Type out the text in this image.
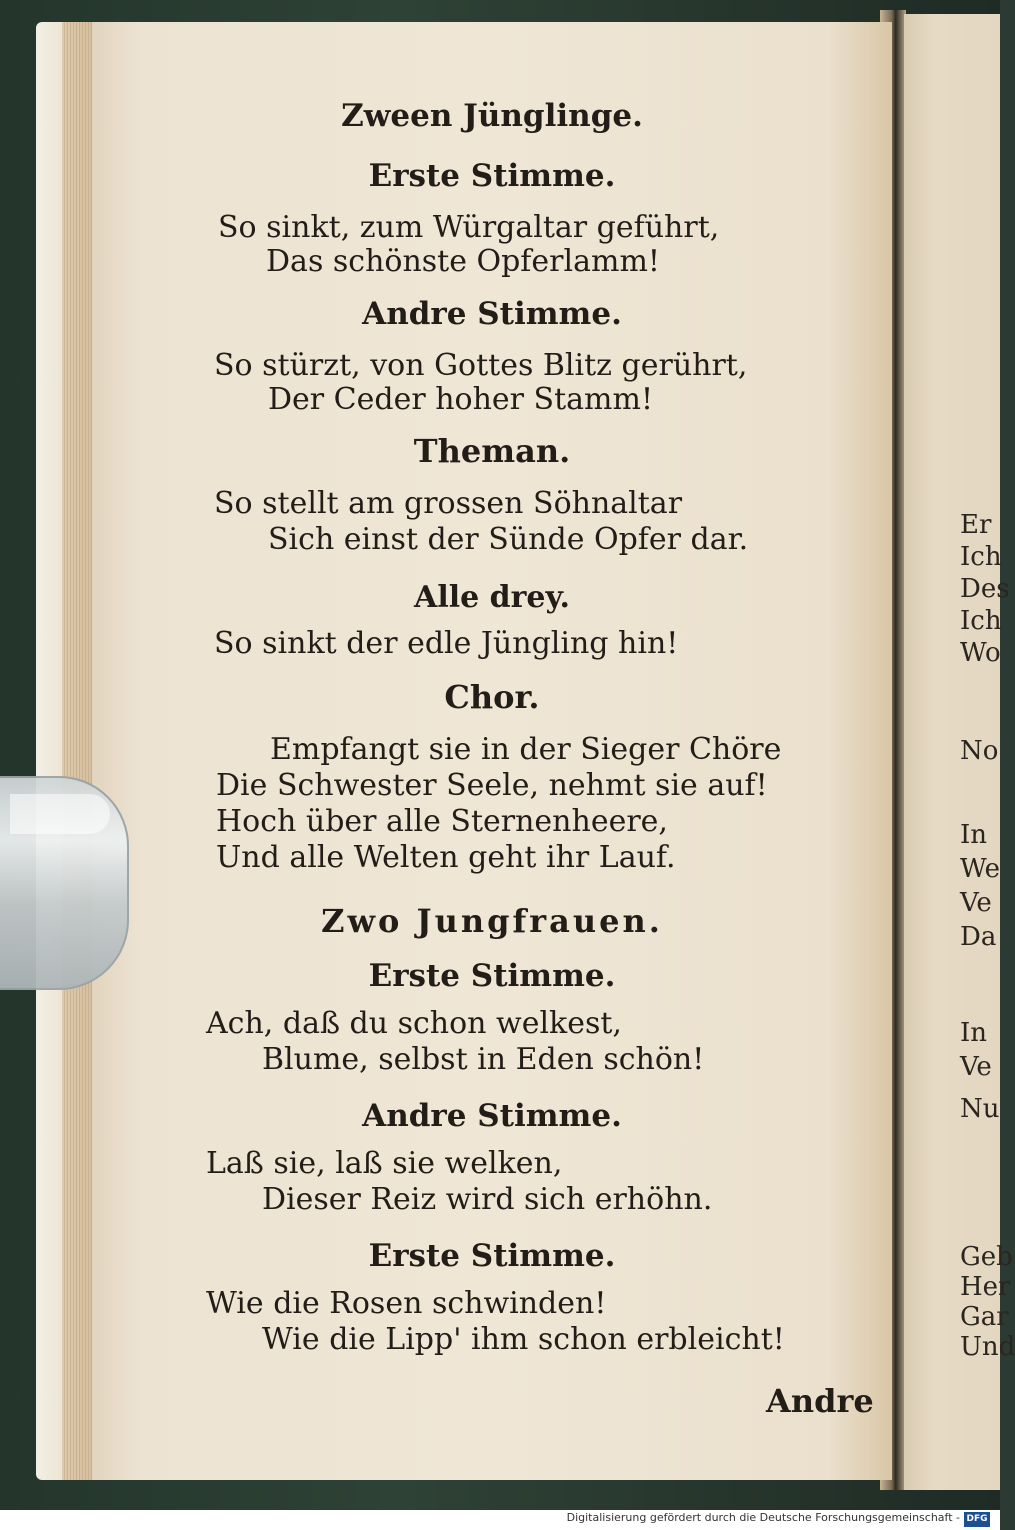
Er
Ich
Des
Ich
Wo
No
In
We
Ve
Da
In
Ve
Nu
Geb
Her
Gar
Und
Zween Jünglinge.
Erste Stimme.
So sinkt, zum Würgaltar geführt,
Das schönste Opferlamm!
Andre Stimme.
So stürzt, von Gottes Blitz gerührt,
Der Ceder hoher Stamm!
Theman.
So stellt am grossen Söhnaltar
Sich einst der Sünde Opfer dar.
Alle drey.
So sinkt der edle Jüngling hin!
Chor.
Empfangt sie in der Sieger Chöre
Die Schwester Seele, nehmt sie auf!
Hoch über alle Sternenheere,
Und alle Welten geht ihr Lauf.
Zwo Jungfrauen.
Erste Stimme.
Ach, daß du schon welkest,
Blume, selbst in Eden schön!
Andre Stimme.
Laß sie, laß sie welken,
Dieser Reiz wird sich erhöhn.
Erste Stimme.
Wie die Rosen schwinden!
Wie die Lipp' ihm schon erbleicht!
Andre
Digitalisierung gefördert durch die Deutsche Forschungsgemeinschaft - DFG
